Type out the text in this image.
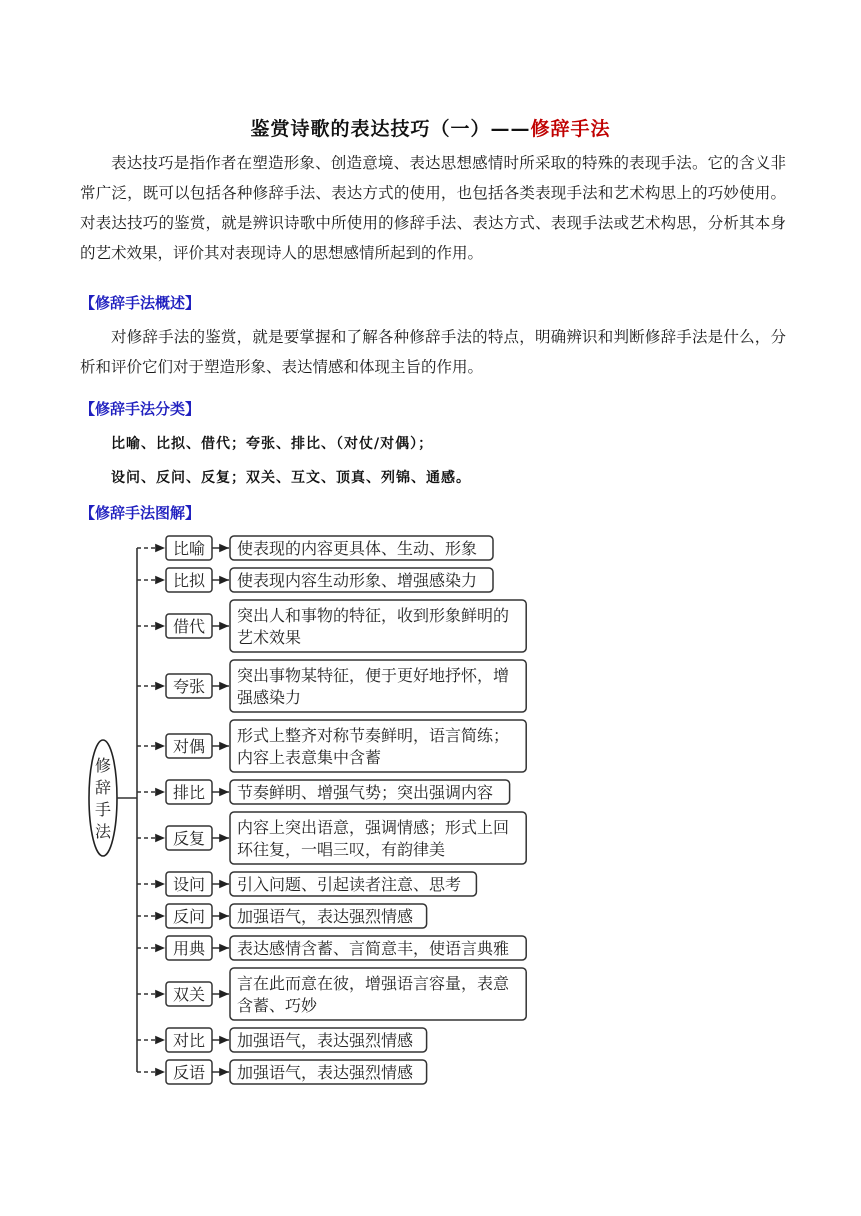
鉴赏诗歌的表达技巧（一）——修辞手法
表达技巧是指作者在塑造形象、创造意境、表达思想感情时所采取的特殊的表现手法。它的含义非常广泛，既可以包括各种修辞手法、表达方式的使用，也包括各类表现手法和艺术构思上的巧妙使用。对表达技巧的鉴赏，就是辨识诗歌中所使用的修辞手法、表达方式、表现手法或艺术构思，分析其本身的艺术效果，评价其对表现诗人的思想感情所起到的作用。
【修辞手法概述】
对修辞手法的鉴赏，就是要掌握和了解各种修辞手法的特点，明确辨识和判断修辞手法是什么，分析和评价它们对于塑造形象、表达情感和体现主旨的作用。
【修辞手法分类】
比喻、比拟、借代；夸张、排比、（对仗/对偶）；
设问、反问、反复；双关、互文、顶真、列锦、通感。
【修辞手法图解】
修辞手法
比喻 使表现的内容更具体、生动、形象
比拟 使表现内容生动形象、增强感染力
借代
突出人和事物的特征，收到形象鲜明的
艺术效果
夸张
突出事物某特征，便于更好地抒怀，增
强感染力
对偶
形式上整齐对称节奏鲜明，语言简练；
内容上表意集中含蓄
排比 节奏鲜明、增强气势；突出强调内容
反复
内容上突出语意，强调情感；形式上回
环往复，一唱三叹，有韵律美
设问 引入问题、引起读者注意、思考
反问 加强语气，表达强烈情感
用典 表达感情含蓄、言简意丰，使语言典雅
双关
言在此而意在彼，增强语言容量，表意
含蓄、巧妙
对比 加强语气，表达强烈情感
反语 加强语气，表达强烈情感
